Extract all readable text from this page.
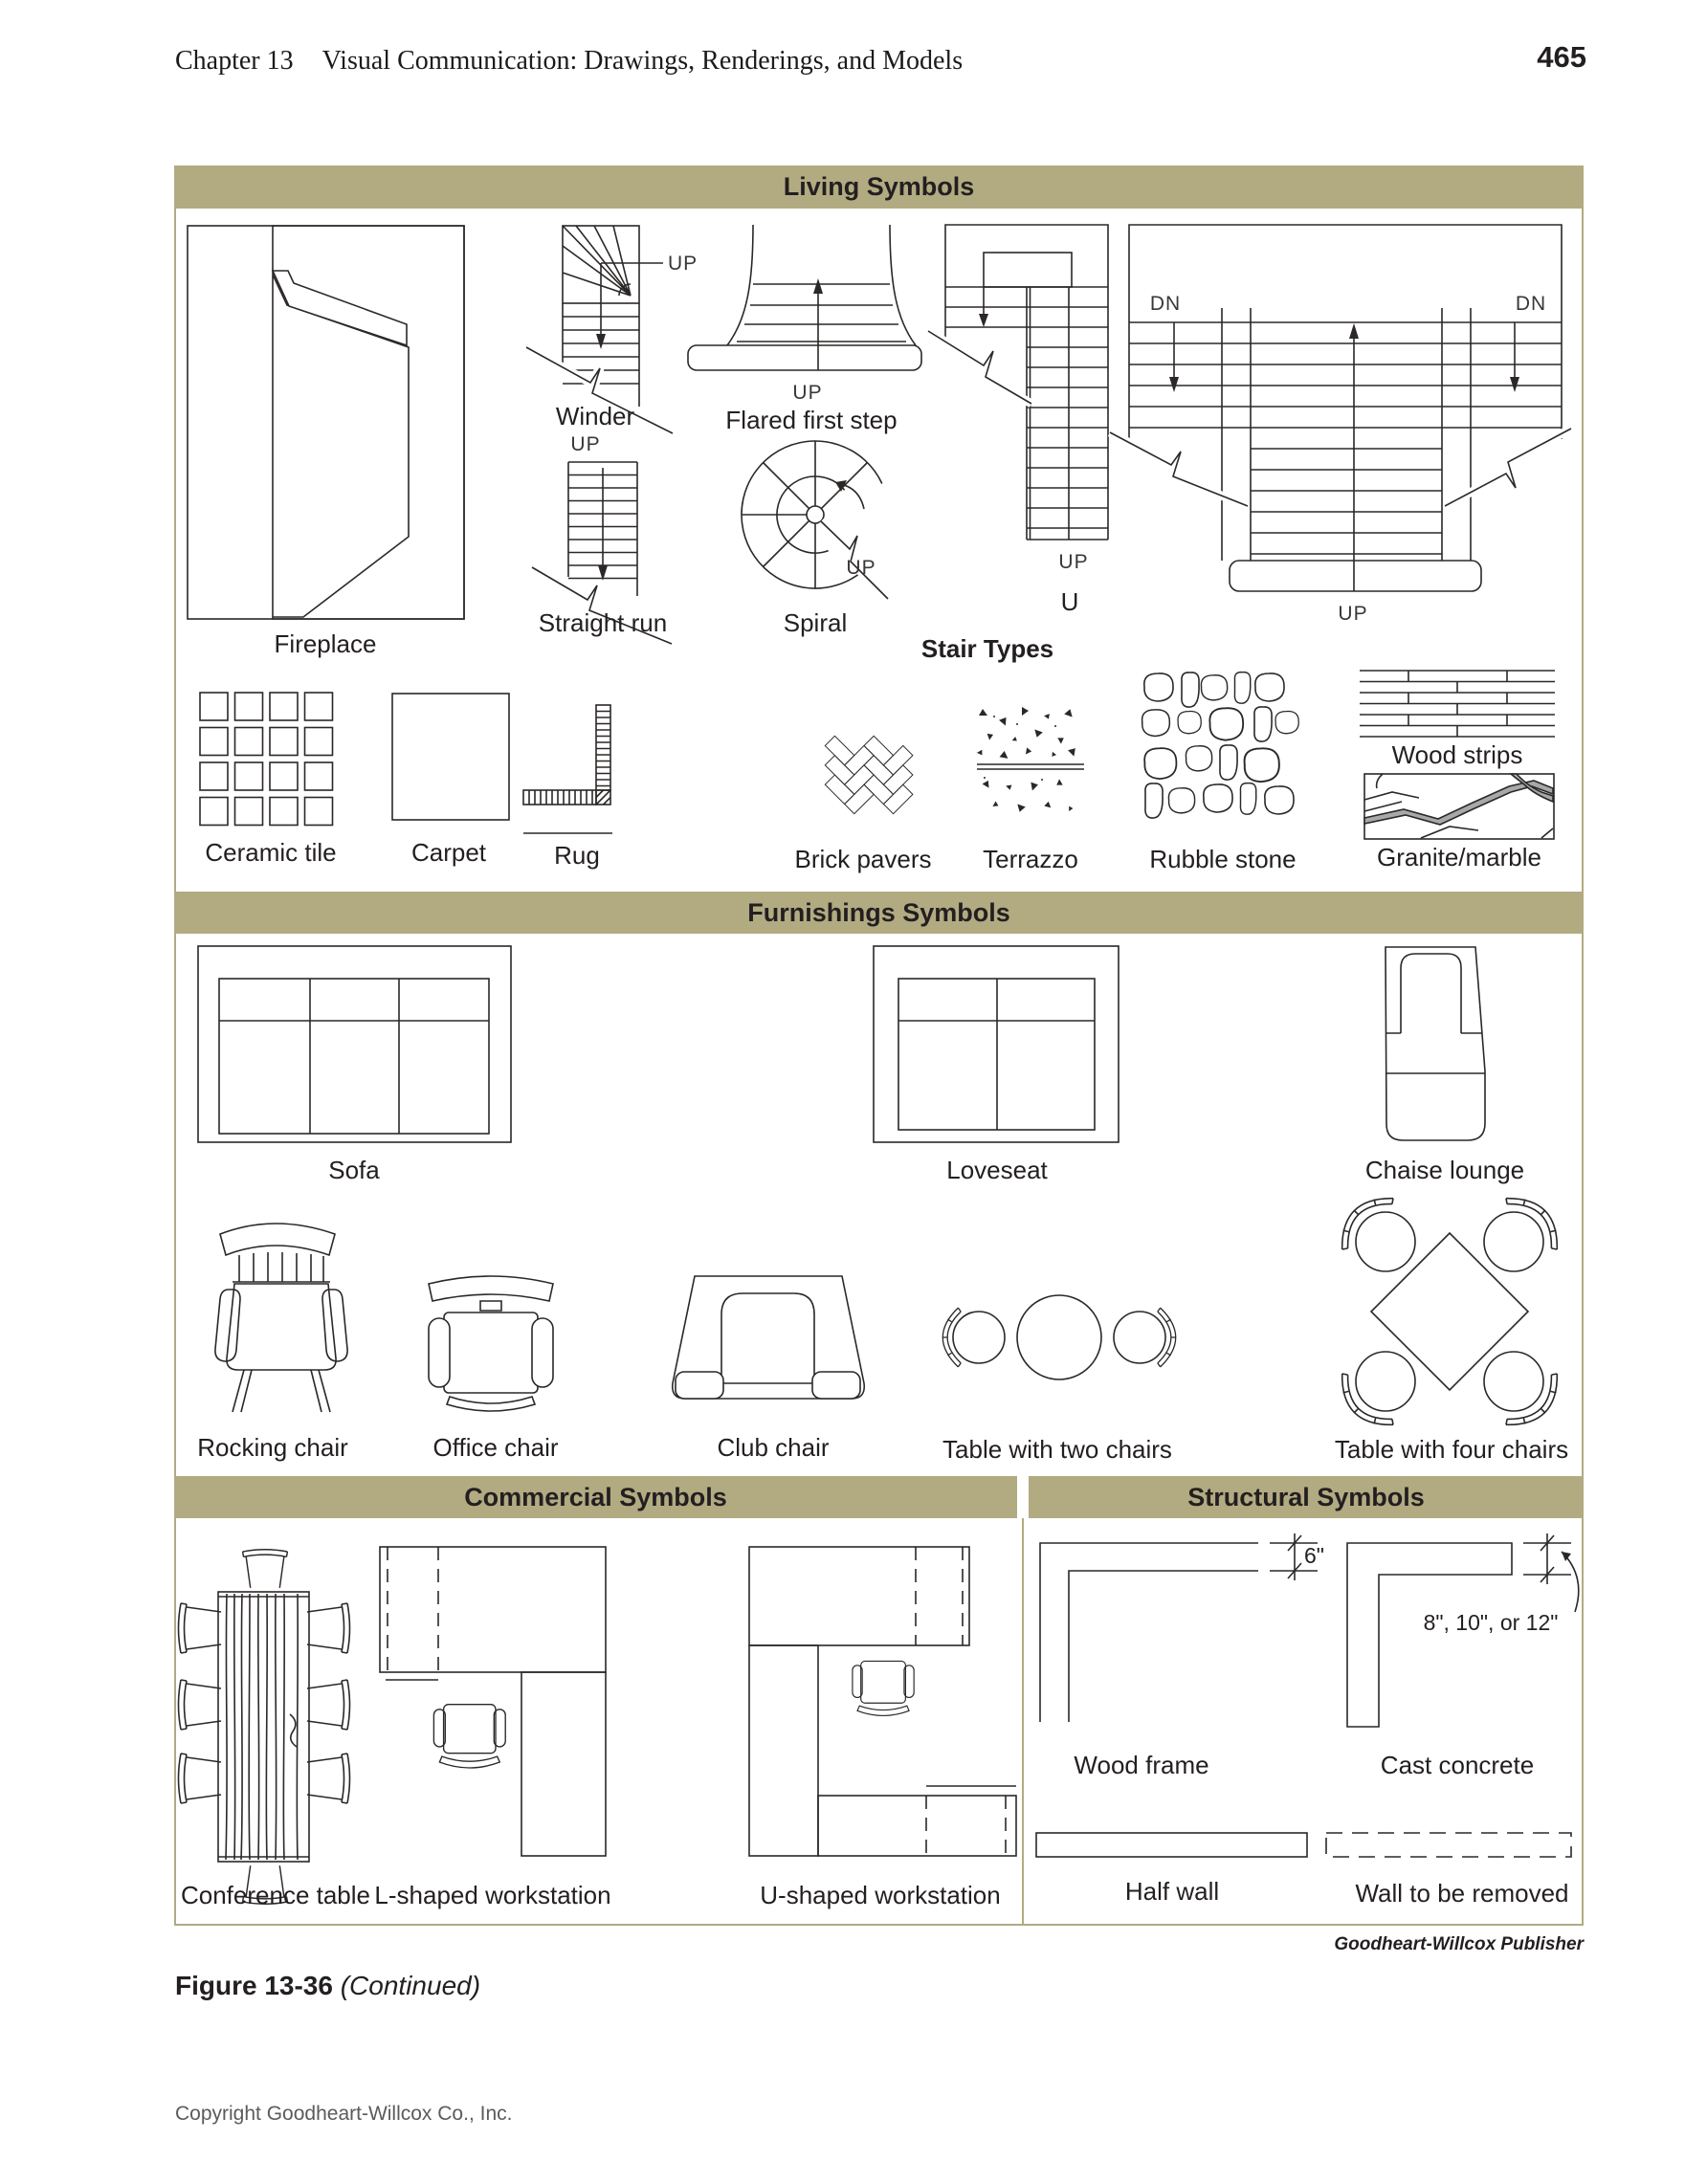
Chapter 13 Visual Communication: Drawings, Renderings, and Models	465
Living Symbols
Furnishings Symbols
Commercial Symbols	Structural Symbols
Fireplace
UP
Winder
UP
Straight run
UP
Flared first step
UP
Spiral
UP
U
DN	DN
UP
Stair Types
Ceramic tile	Carpet	Rug	Brick pavers Terrazzo	Rubble stone
Wood strips
Granite/marble
Sofa	Loveseat	Chaise lounge
Rocking chair	Office chair	Club chair	Table with two chairs	Table with four chairs
Conference table L-shaped workstation	U-shaped workstation
6"
Wood frame
8", 10", or 12"
Cast concrete
Half wall	Wall to be removed
Goodheart-Willcox Publisher
Figure 13-36 (Continued)
Copyright Goodheart-Willcox Co., Inc.
